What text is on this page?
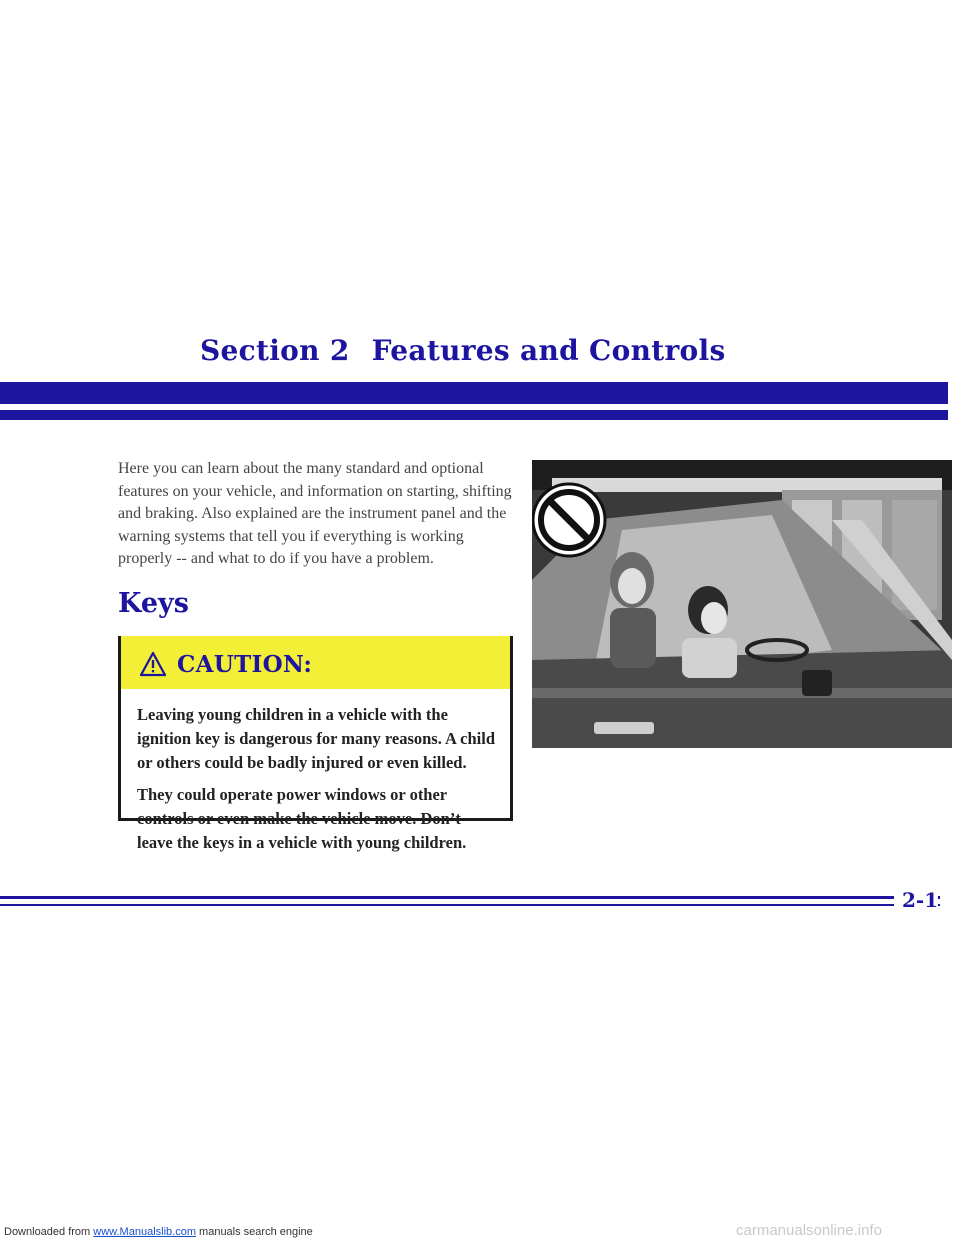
Section 2 Features and Controls

Here you can learn about the many standard and optional features on your vehicle, and information on starting, shifting and braking. Also explained are the instrument panel and the warning systems that tell you if everything is working properly -- and what to do if you have a problem.

Keys
CAUTION:

Leaving young children in a vehicle with the ignition key is dangerous for many reasons. A child or others could be badly injured or even killed.

They could operate power windows or other controls or even make the vehicle move. Don’t leave the keys in a vehicle with young children.

2-1

Downloaded from www.Manualslib.com manuals search engine	carmanualsonline.info
